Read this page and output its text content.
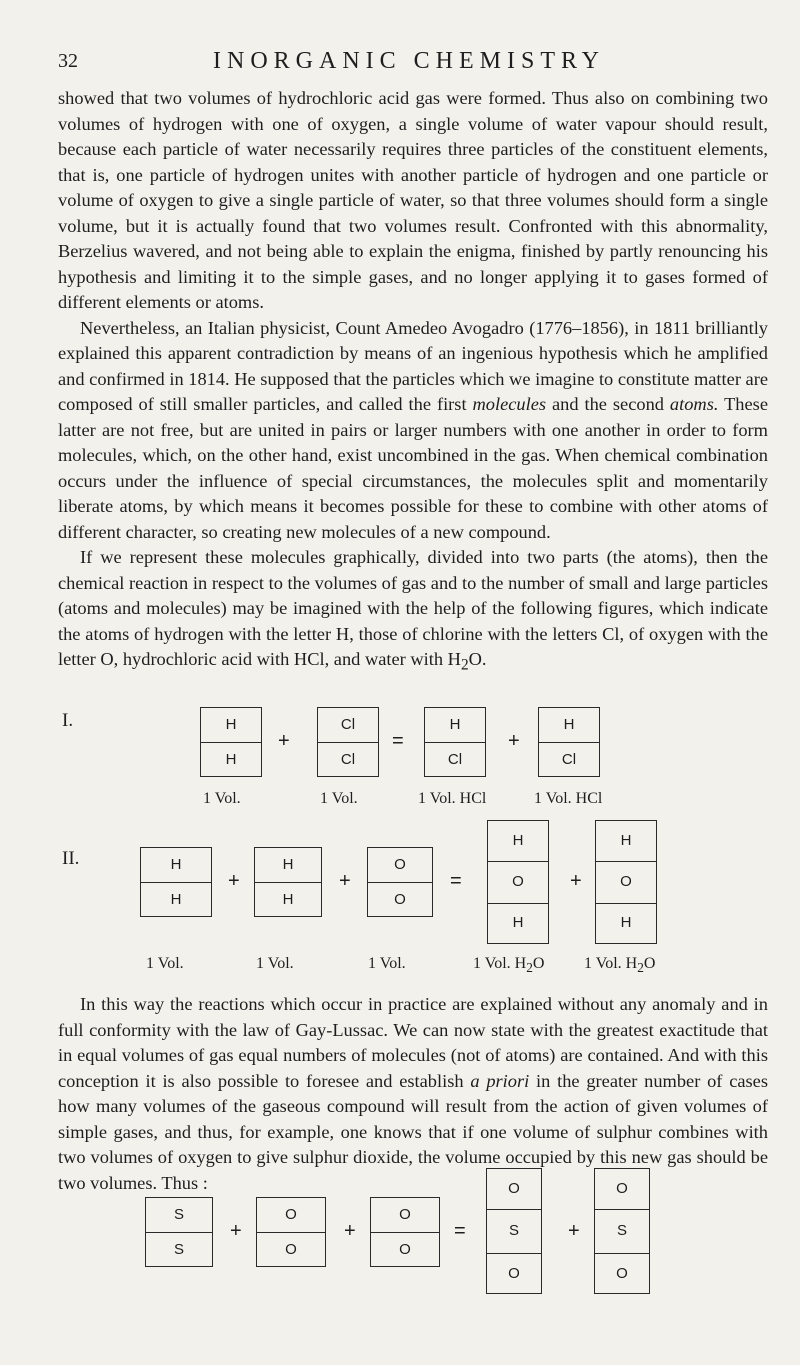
32	INORGANIC CHEMISTRY

showed that two volumes of hydrochloric acid gas were formed. Thus also on combining two volumes of hydrogen with one of oxygen, a single volume of water vapour should result, because each particle of water necessarily requires three particles of the constituent elements, that is, one particle of hydrogen unites with another particle of hydrogen and one particle or volume of oxygen to give a single particle of water, so that three volumes should form a single volume, but it is actually found that two volumes result. Confronted with this abnormality, Berzelius wavered, and not being able to explain the enigma, finished by partly renouncing his hypothesis and limiting it to the simple gases, and no longer applying it to gases formed of different elements or atoms.

Nevertheless, an Italian physicist, Count Amedeo Avogadro (1776–1856), in 1811 brilliantly explained this apparent contradiction by means of an ingenious hypothesis which he amplified and confirmed in 1814. He supposed that the particles which we imagine to constitute matter are composed of still smaller particles, and called the first molecules and the second atoms. These latter are not free, but are united in pairs or larger numbers with one another in order to form molecules, which, on the other hand, exist uncombined in the gas. When chemical combination occurs under the influence of special circumstances, the molecules split and momentarily liberate atoms, by which means it becomes possible for these to combine with other atoms of different character, so creating new molecules of a new compound.

If we represent these molecules graphically, divided into two parts (the atoms), then the chemical reaction in respect to the volumes of gas and to the number of small and large particles (atoms and molecules) may be imagined with the help of the following figures, which indicate the atoms of hydrogen with the letter H, those of chlorine with the letters Cl, of oxygen with the letter O, hydrochloric acid with HCl, and water with $H_2O$.

I.	H
H
+
Cl
Cl
=
H
Cl
+
H
Cl
1 Vol.	1 Vol.	1 Vol. HCl	1 Vol. HCl
II.	H
H
+
H
H
+
O
O
=
H
O
H
+
H
O
H
1 Vol.	1 Vol.	1 Vol.	1 Vol. $H_2O$ 1 Vol. $H_2O$

In this way the reactions which occur in practice are explained without any anomaly and in full conformity with the law of Gay-Lussac. We can now state with the greatest exactitude that in equal volumes of gas equal numbers of molecules (not of atoms) are contained. And with this conception it is also possible to foresee and establish a priori in the greater number of cases how many volumes of the gaseous compound will result from the action of given volumes of simple gases, and thus, for example, one knows that if one volume of sulphur combines with two volumes of oxygen to give sulphur dioxide, the volume occupied by this new gas should be two volumes. Thus :

S
S
+
O
O
+
O
O
=
O
S
O
+
O
S
O
